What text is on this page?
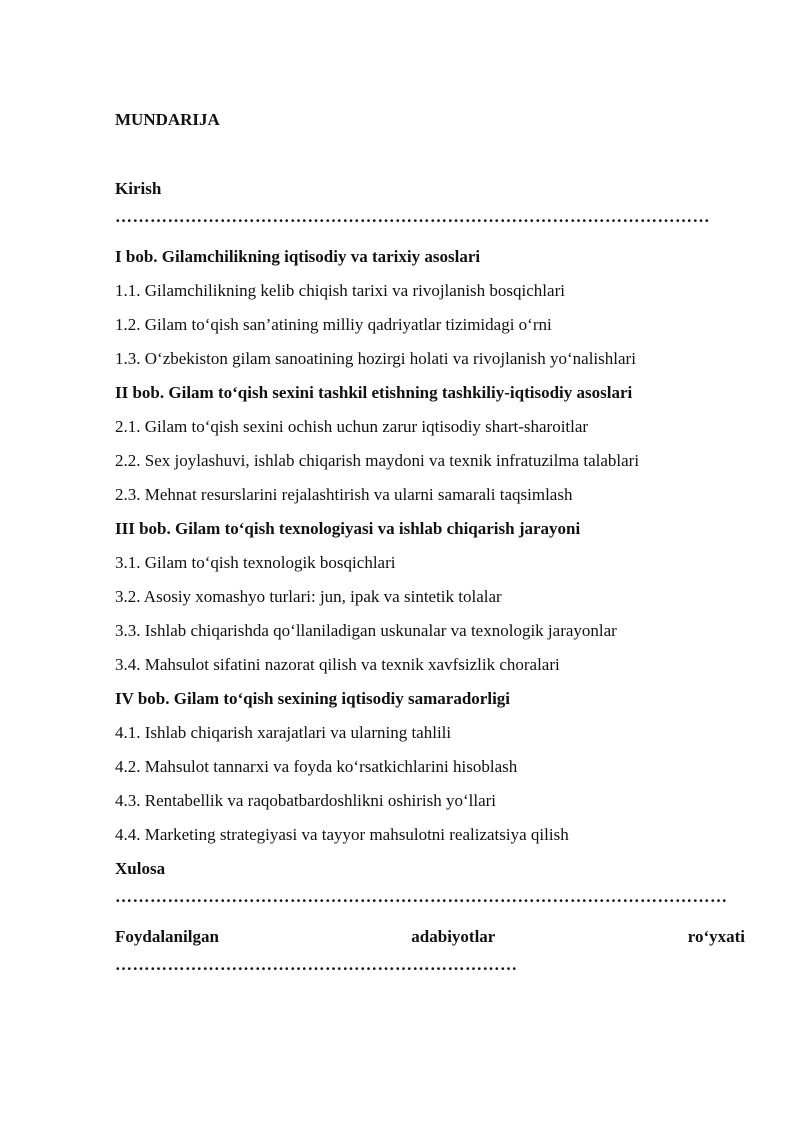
MUNDARIJA
Kirish
…………………………………………………………………………………………
I bob. Gilamchilikning iqtisodiy va tarixiy asoslari
1.1. Gilamchilikning kelib chiqish tarixi va rivojlanish bosqichlari
1.2. Gilam to‘qish san’atining milliy qadriyatlar tizimidagi o‘rni
1.3. O‘zbekiston gilam sanoatining hozirgi holati va rivojlanish yo‘nalishlari
II bob. Gilam to‘qish sexini tashkil etishning tashkiliy-iqtisodiy asoslari
2.1. Gilam to‘qish sexini ochish uchun zarur iqtisodiy shart-sharoitlar
2.2. Sex joylashuvi, ishlab chiqarish maydoni va texnik infratuzilma talablari
2.3. Mehnat resurslarini rejalashtirish va ularni samarali taqsimlash
III bob. Gilam to‘qish texnologiyasi va ishlab chiqarish jarayoni
3.1. Gilam to‘qish texnologik bosqichlari
3.2. Asosiy xomashyo turlari: jun, ipak va sintetik tolalar
3.3. Ishlab chiqarishda qo‘llaniladigan uskunalar va texnologik jarayonlar
3.4. Mahsulot sifatini nazorat qilish va texnik xavfsizlik choralari
IV bob. Gilam to‘qish sexining iqtisodiy samaradorligi
4.1. Ishlab chiqarish xarajatlari va ularning tahlili
4.2. Mahsulot tannarxi va foyda ko‘rsatkichlarini hisoblash
4.3. Rentabellik va raqobatbardoshlikni oshirish yo‘llari
4.4. Marketing strategiyasi va tayyor mahsulotni realizatsiya qilish
Xulosa
……………………………………………………………………………………………
Foydalanilgan	adabiyotlar	ro‘yxati
……………………………………………………………
